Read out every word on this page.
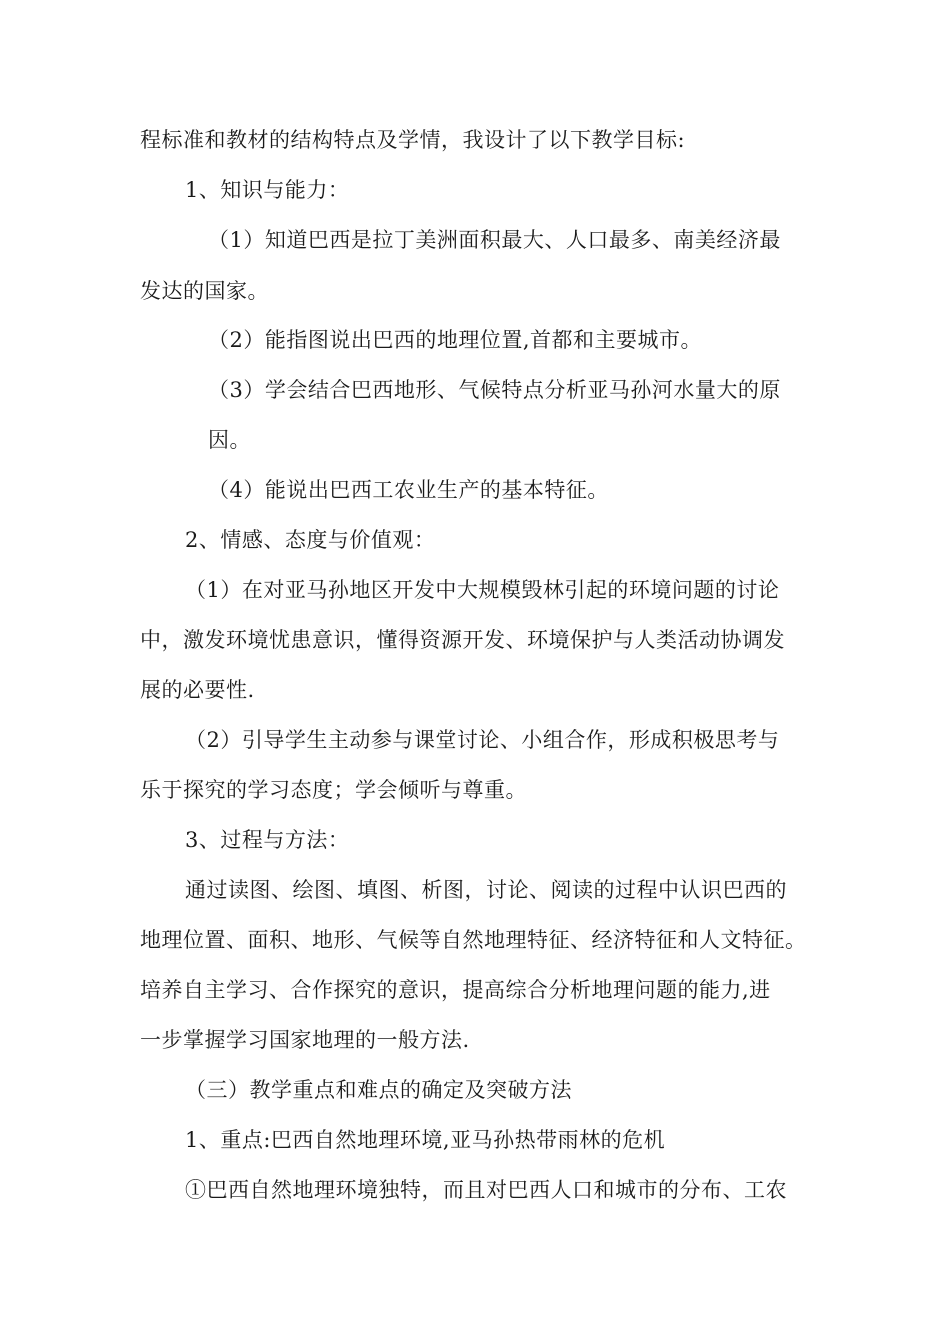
程标准和教材的结构特点及学情，我设计了以下教学目标:
1、知识与能力：
（1）知道巴西是拉丁美洲面积最大、人口最多、南美经济最
发达的国家。
（2）能指图说出巴西的地理位置,首都和主要城市。
（3）学会结合巴西地形、气候特点分析亚马孙河水量大的原
因。
（4）能说出巴西工农业生产的基本特征。
2、情感、态度与价值观：
（1）在对亚马孙地区开发中大规模毁林引起的环境问题的讨论
中，激发环境忧患意识，懂得资源开发、环境保护与人类活动协调发
展的必要性.
（2）引导学生主动参与课堂讨论、小组合作，形成积极思考与
乐于探究的学习态度；学会倾听与尊重。
3、过程与方法：
通过读图、绘图、填图、析图，讨论、阅读的过程中认识巴西的
地理位置、面积、地形、气候等自然地理特征、经济特征和人文特征。
培养自主学习、合作探究的意识，提高综合分析地理问题的能力,进
一步掌握学习国家地理的一般方法.
（三）教学重点和难点的确定及突破方法
1、重点:巴西自然地理环境,亚马孙热带雨林的危机
①巴西自然地理环境独特，而且对巴西人口和城市的分布、工农
